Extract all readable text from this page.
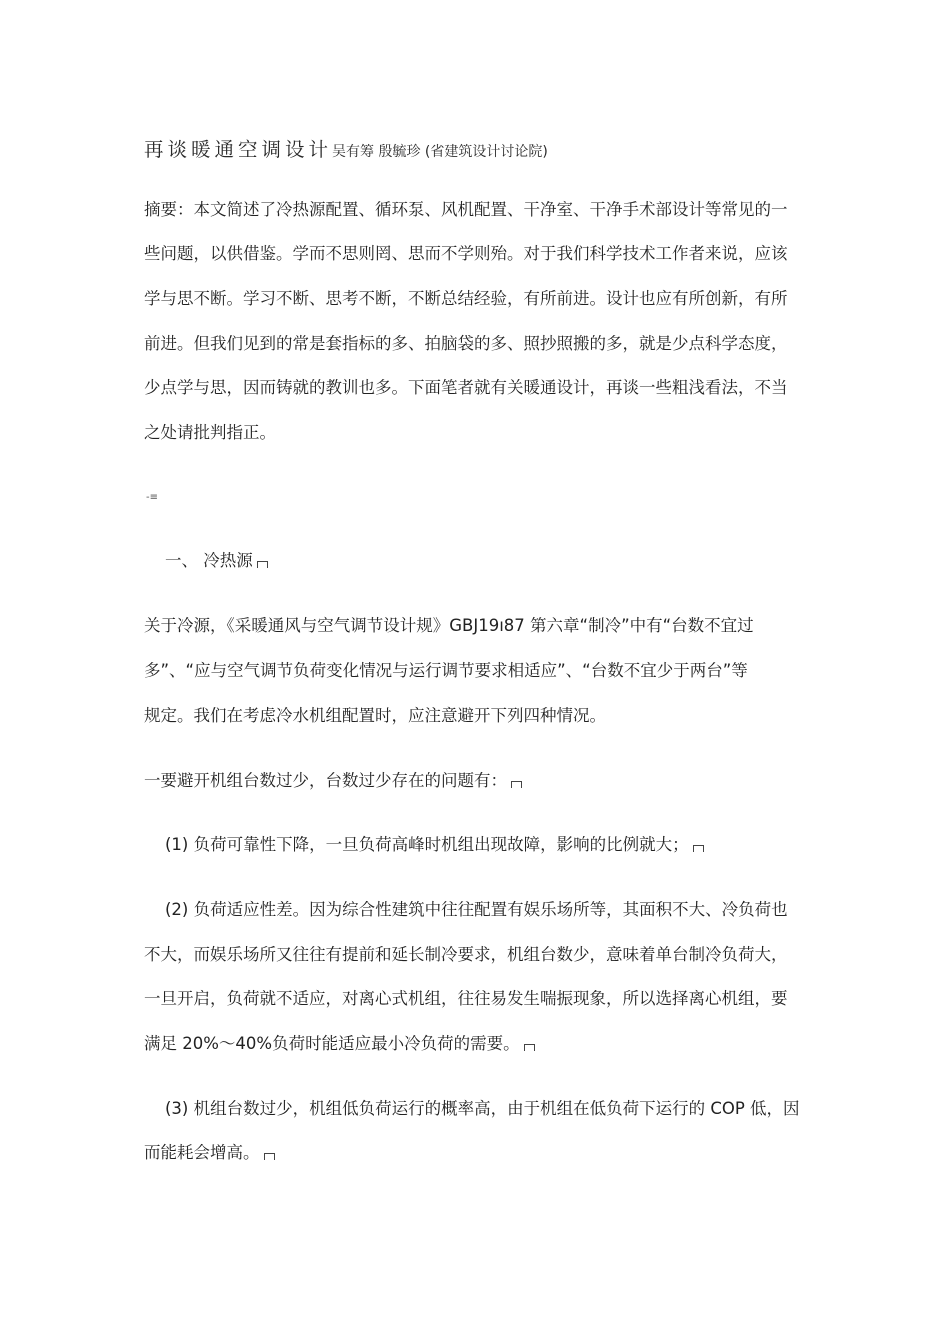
再谈暖通空调设计吴有筹 殷毓珍 (省建筑设计讨论院)
摘要：本文简述了冷热源配置、循环泵、风机配置、干净室、干净手术部设计等常见的一
些问题，以供借鉴。学而不思则罔、思而不学则殆。对于我们科学技术工作者来说，应该
学与思不断。学习不断、思考不断，不断总结经验，有所前进。设计也应有所创新，有所
前进。但我们见到的常是套指标的多、拍脑袋的多、照抄照搬的多，就是少点科学态度，
少点学与思，因而铸就的教训也多。下面笔者就有关暖通设计，再谈一些粗浅看法，不当
之处请批判指正。
-≡
一、 冷热源
关于冷源，《采暖通风与空气调节设计规》GBJ19ı87 第六章“制冷”中有“台数不宜过
多”、“应与空气调节负荷变化情况与运行调节要求相适应”、“台数不宜少于两台”等
规定。我们在考虑冷水机组配置时，应注意避开下列四种情况。
一要避开机组台数过少，台数过少存在的问题有：
(1) 负荷可靠性下降，一旦负荷高峰时机组出现故障，影响的比例就大；
(2) 负荷适应性差。因为综合性建筑中往往配置有娱乐场所等，其面积不大、冷负荷也
不大，而娱乐场所又往往有提前和延长制冷要求，机组台数少，意味着单台制冷负荷大，
一旦开启，负荷就不适应，对离心式机组，往往易发生喘振现象，所以选择离心机组，要
满足 20%～40%负荷时能适应最小冷负荷的需要。
(3) 机组台数过少，机组低负荷运行的概率高，由于机组在低负荷下运行的 COP 低，因
而能耗会增高。
